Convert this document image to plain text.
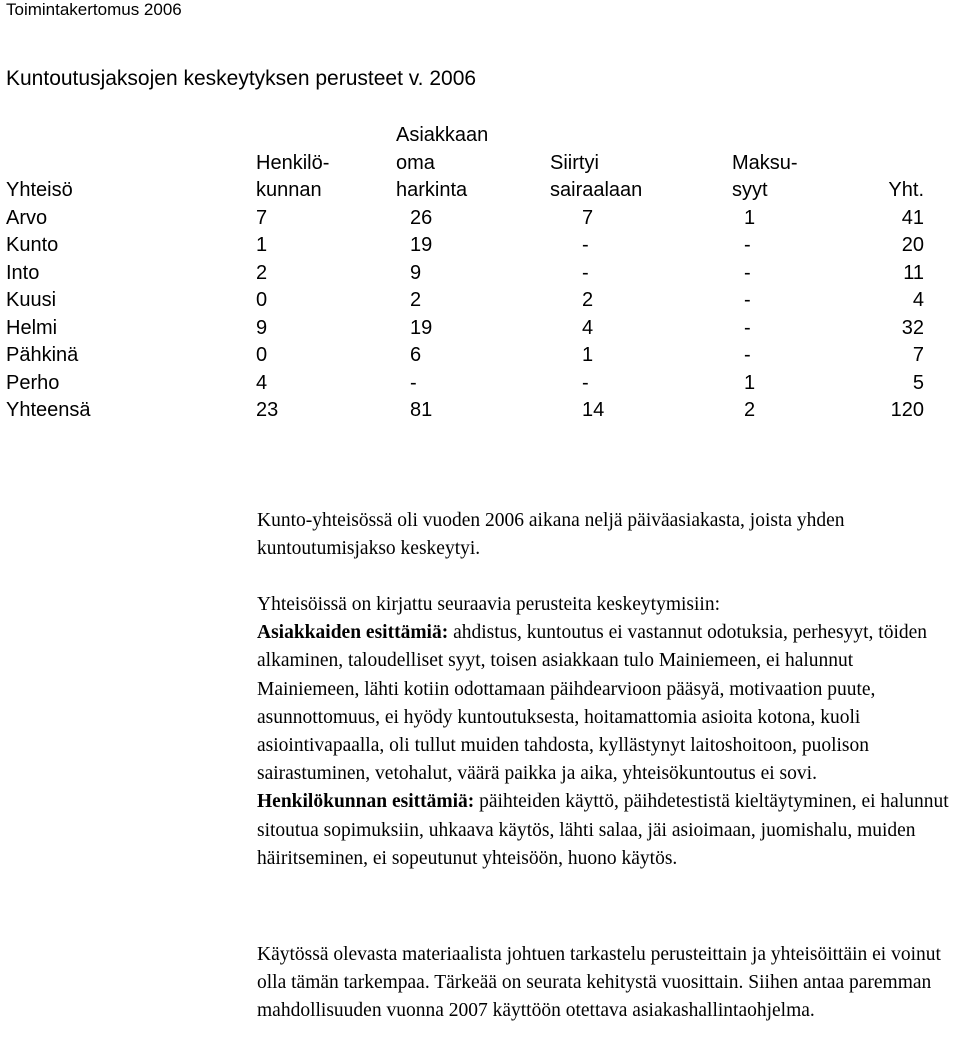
Toimintakertomus 2006
Kuntoutusjaksojen keskeytyksen perusteet v. 2006
		Asiakkaan			
	Henkilö-	oma	Siirtyi	Maksu-	
Yhteisö	kunnan	harkinta	sairaalaan	syyt	Yht.
Arvo	7	26	7	1	41
Kunto	1	19	-	-	20
Into	2	9	-	-	11
Kuusi	0	2	2	-	4
Helmi	9	19	4	-	32
Pähkinä	0	6	1	-	7
Perho	4	-	-	1	5
Yhteensä	23	81	14	2	120

Kunto-yhteisössä oli vuoden 2006 aikana neljä päiväasiakasta, joista yhden kuntoutumisjakso keskeytyi.

Yhteisöissä on kirjattu seuraavia perusteita keskeytymisiin:

Asiakkaiden esittämiä: ahdistus, kuntoutus ei vastannut odotuksia, perhesyyt, töiden alkaminen, taloudelliset syyt, toisen asiakkaan tulo Mainiemeen, ei halunnut Mainiemeen, lähti kotiin odottamaan päihdearvioon pääsyä, motivaation puute, asunnottomuus, ei hyödy kuntoutuksesta, hoitamattomia asioita kotona, kuoli asiointivapaalla, oli tullut muiden tahdosta, kyllästynyt laitoshoitoon, puolison sairastuminen, vetohalut, väärä paikka ja aika, yhteisökuntoutus ei sovi.

Henkilökunnan esittämiä: päihteiden käyttö, päihdetestistä kieltäytyminen, ei halunnut sitoutua sopimuksiin, uhkaava käytös, lähti salaa, jäi asioimaan, juomishalu, muiden häiritseminen, ei sopeutunut yhteisöön, huono käytös.

Käytössä olevasta materiaalista johtuen tarkastelu perusteittain ja yhteisöittäin ei voinut olla tämän tarkempaa. Tärkeää on seurata kehitystä vuosittain. Siihen antaa paremman mahdollisuuden vuonna 2007 käyttöön otettava asiakashallintaohjelma.
